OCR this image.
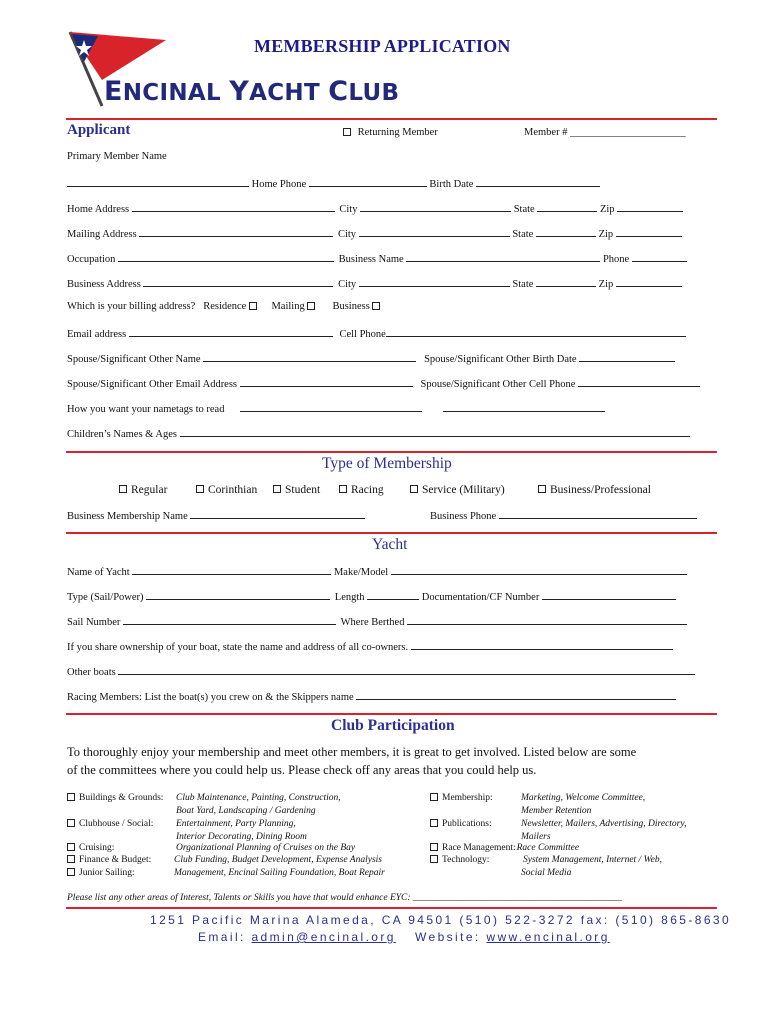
ENCINAL YACHT CLUB
MEMBERSHIP APPLICATION
Applicant	Returning Member	Member # ______________________
Primary Member Name
Home Phone	Birth Date
Home Address	City	State	Zip
Mailing Address	City	State	Zip
Occupation	Business Name	Phone
Business Address	City	State	Zip
Which is your billing address? Residence Mailing	Business
Email address	Cell Phone
Spouse/Significant Other Name	Spouse/Significant Other Birth Date
Spouse/Significant Other Email Address	Spouse/Significant Other Cell Phone
How you want your nametags to read
Children’s Names & Ages
Type of Membership
Regular	Corinthian	Student	Racing	Service (Military)	Business/Professional
Business Membership Name	Business Phone
Yacht
Name of Yacht	Make/Model
Type (Sail/Power)	Length	Documentation/CF Number
Sail Number	Where Berthed
If you share ownership of your boat, state the name and address of all co-owners.
Other boats
Racing Members: List the boat(s) you crew on & the Skippers name
Club Participation
To thoroughly enjoy your membership and meet other members, it is great to get involved. Listed below are some
of the committees where you could help us. Please check off any areas that you could help us.
Buildings & Grounds: Club Maintenance, Painting, Construction,
Boat Yard, Landscaping / Gardening
Clubhouse / Social: Entertainment, Party Planning,
Interior Decorating, Dining Room
Cruising:	Organizational Planning of Cruises on the Bay
Finance & Budget: Club Funding, Budget Development, Expense Analysis
Junior Sailing:	Management, Encinal Sailing Foundation, Boat Repair
Membership:	Marketing, Welcome Committee,
Member Retention
Publications:	Newsletter, Mailers, Advertising, Directory,
Mailers
Race Management:Race Committee
Technology:	System Management, Internet / Web,
Social Media
Please list any other areas of Interest, Talents or Skills you have that would enhance EYC: ____________________________________________
1251 Pacific Marina Alameda, CA 94501 (510) 522-3272 fax: (510) 865-8630
Email: admin@encinal.org Website: www.encinal.org
